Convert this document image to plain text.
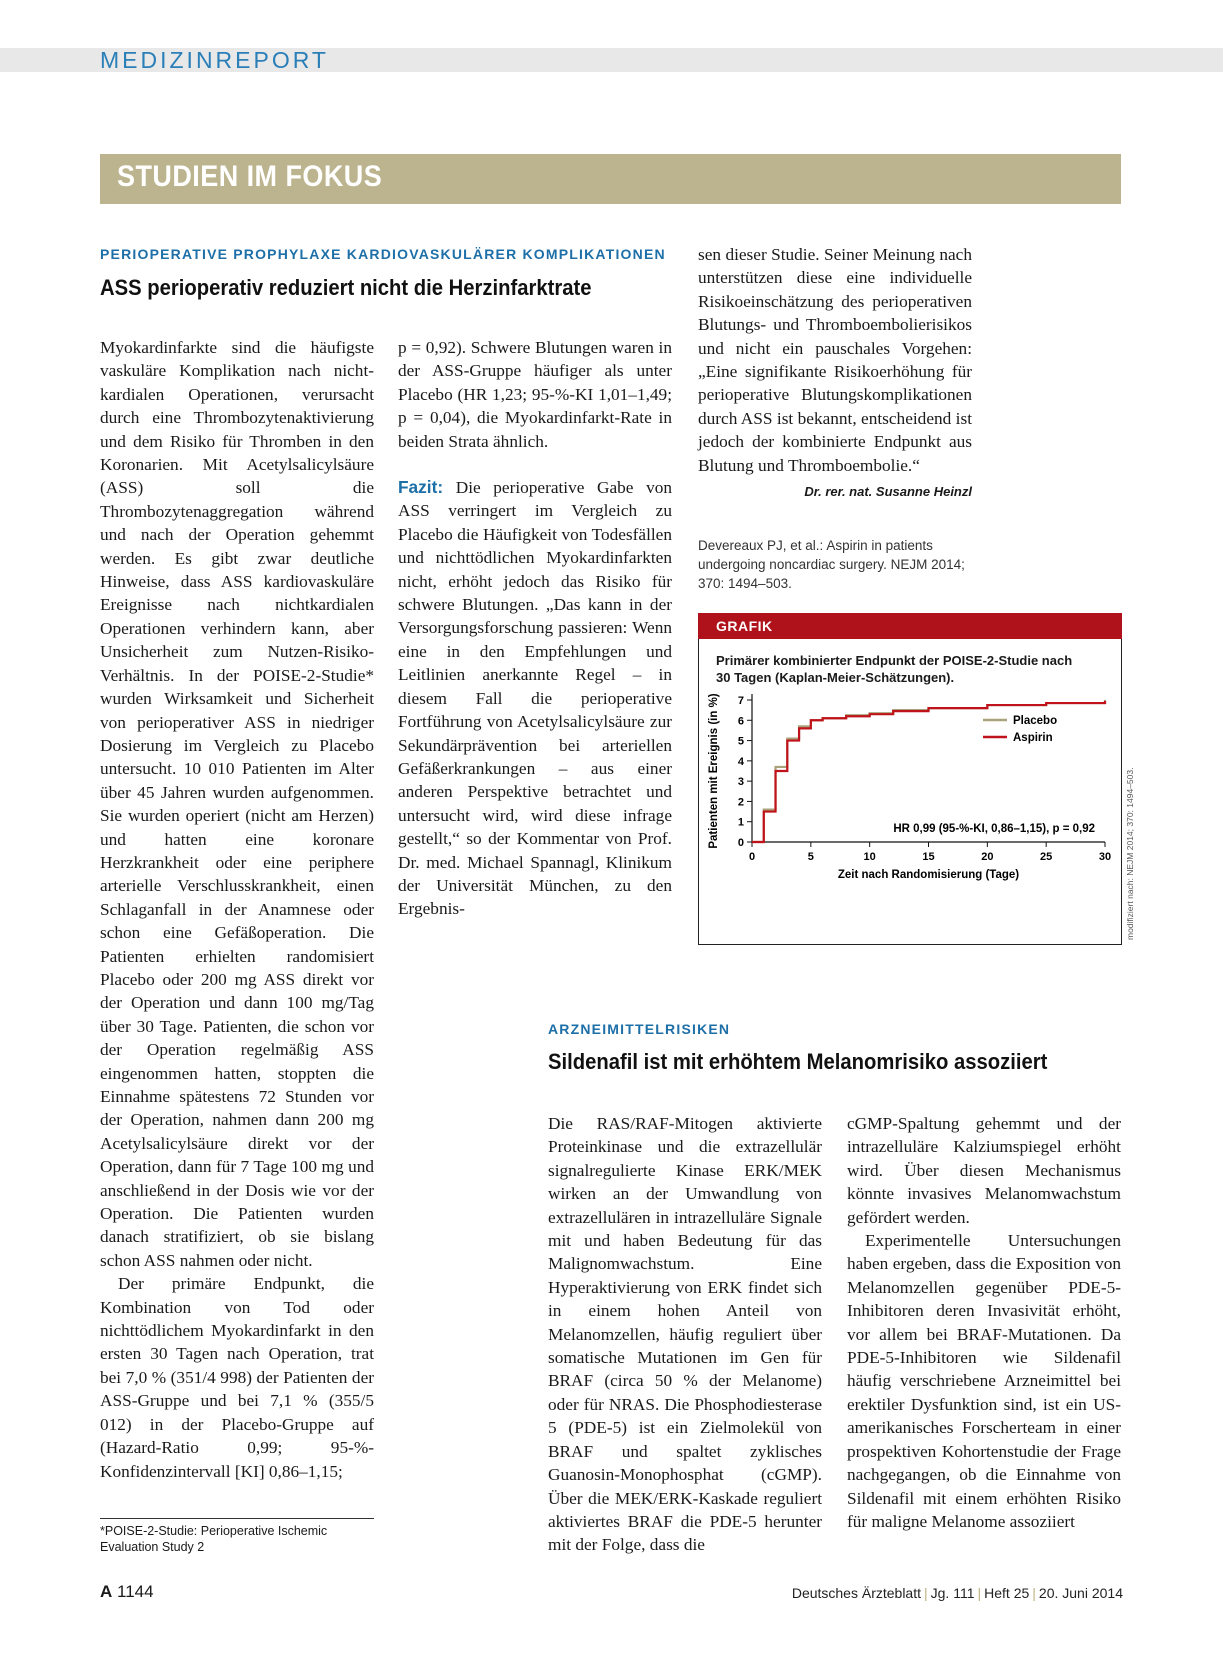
MEDIZINREPORT
STUDIEN IM FOKUS
PERIOPERATIVE PROPHYLAXE KARDIOVASKULÄRER KOMPLIKATIONEN
ASS perioperativ reduziert nicht die Herzinfarktrate

Myokardinfarkte sind die häufigste vaskuläre Komplikation nach nicht-kardialen Operationen, verursacht durch eine Thrombozytenaktivierung und dem Risiko für Thromben in den Koronarien. Mit Acetylsalicylsäure (ASS) soll die Thrombozytenaggregation während und nach der Operation gehemmt werden. Es gibt zwar deutliche Hinweise, dass ASS kardiovaskuläre Ereignisse nach nichtkardialen Operationen verhindern kann, aber Unsicherheit zum Nutzen-Risiko-Verhältnis. In der POISE-2-Studie* wurden Wirksamkeit und Sicherheit von perioperativer ASS in niedriger Dosierung im Vergleich zu Placebo untersucht. 10 010 Patienten im Alter über 45 Jahren wurden aufgenommen. Sie wurden operiert (nicht am Herzen) und hatten eine koronare Herzkrankheit oder eine periphere arterielle Verschlusskrankheit, einen Schlaganfall in der Anamnese oder schon eine Gefäßoperation. Die Patienten erhielten randomisiert Placebo oder 200 mg ASS direkt vor der Operation und dann 100 mg/Tag über 30 Tage. Patienten, die schon vor der Operation regelmäßig ASS eingenommen hatten, stoppten die Einnahme spätestens 72 Stunden vor der Operation, nahmen dann 200 mg Acetylsalicylsäure direkt vor der Operation, dann für 7 Tage 100 mg und anschließend in der Dosis wie vor der Operation. Die Patienten wurden danach stratifiziert, ob sie bislang schon ASS nahmen oder nicht.

Der primäre Endpunkt, die Kombination von Tod oder nichttödlichem Myokardinfarkt in den ersten 30 Tagen nach Operation, trat bei 7,0 % (351/4 998) der Patienten der ASS-Gruppe und bei 7,1 % (355/5 012) in der Placebo-Gruppe auf (Hazard-Ratio 0,99; 95-%-Konfidenzintervall [KI] 0,86–1,15;

p = 0,92). Schwere Blutungen waren in der ASS-Gruppe häufiger als unter Placebo (HR 1,23; 95-%-KI 1,01–1,49; p = 0,04), die Myokardinfarkt-Rate in beiden Strata ähnlich.

Fazit: Die perioperative Gabe von ASS verringert im Vergleich zu Placebo die Häufigkeit von Todesfällen und nichttödlichen Myokardinfarkten nicht, erhöht jedoch das Risiko für schwere Blutungen. „Das kann in der Versorgungsforschung passieren: Wenn eine in den Empfehlungen und Leitlinien anerkannte Regel – in diesem Fall die perioperative Fortführung von Acetylsalicylsäure zur Sekundärprävention bei arteriellen Gefäßerkrankungen – aus einer anderen Perspektive betrachtet und untersucht wird, wird diese infrage gestellt,“ so der Kommentar von Prof. Dr. med. Michael Spannagl, Klinikum der Universität München, zu den Ergebnis-

sen dieser Studie. Seiner Meinung nach unterstützen diese eine individuelle Risikoeinschätzung des perioperativen Blutungs- und Thromboembolierisikos und nicht ein pauschales Vorgehen: „Eine signifikante Risikoerhöhung für perioperative Blutungskomplikationen durch ASS ist bekannt, entscheidend ist jedoch der kombinierte Endpunkt aus Blutung und Thromboembolie.“
Dr. rer. nat. Susanne Heinzl

Devereaux PJ, et al.: Aspirin in patients undergoing noncardiac surgery. NEJM 2014; 370: 1494–503.
GRAFIK
Primärer kombinierter Endpunkt der POISE-2-Studie nach 30 Tagen (Kaplan-Meier-Schätzungen).
0
1
2
3
4
5
6
7
0	5	10	15	20	25	30
Zeit nach Randomisierung (Tage)
Patienten mit Ereignis (in %)	Placebo
Aspirin
HR 0,99 (95-%-KI, 0,86–1,15), p = 0,92	modifiziert nach: NEJM 2014; 370: 1494–503.
ARZNEIMITTELRISIKEN
Sildenafil ist mit erhöhtem Melanomrisiko assoziiert

Die RAS/RAF-Mitogen aktivierte Proteinkinase und die extrazellulär signalregulierte Kinase ERK/MEK wirken an der Umwandlung von extrazellulären in intrazelluläre Signale mit und haben Bedeutung für das Malignomwachstum. Eine Hyperaktivierung von ERK findet sich in einem hohen Anteil von Melanomzellen, häufig reguliert über somatische Mutationen im Gen für BRAF (circa 50 % der Melanome) oder für NRAS. Die Phosphodiesterase 5 (PDE-5) ist ein Zielmolekül von BRAF und spaltet zyklisches Guanosin-Monophosphat (cGMP). Über die MEK/ERK-Kaskade reguliert aktiviertes BRAF die PDE-5 herunter mit der Folge, dass die

cGMP-Spaltung gehemmt und der intrazelluläre Kalziumspiegel erhöht wird. Über diesen Mechanismus könnte invasives Melanomwachstum gefördert werden.

Experimentelle Untersuchungen haben ergeben, dass die Exposition von Melanomzellen gegenüber PDE-5-Inhibitoren deren Invasivität erhöht, vor allem bei BRAF-Mutationen. Da PDE-5-Inhibitoren wie Sildenafil häufig verschriebene Arzneimittel bei erektiler Dysfunktion sind, ist ein US-amerikanisches Forscherteam in einer prospektiven Kohortenstudie der Frage nachgegangen, ob die Einnahme von Sildenafil mit einem erhöhten Risiko für maligne Melanome assoziiert

*POISE-2-Studie: Perioperative Ischemic Evaluation Study 2
A 1144	Deutsches Ärzteblatt | Jg. 111 | Heft 25 | 20. Juni 2014
